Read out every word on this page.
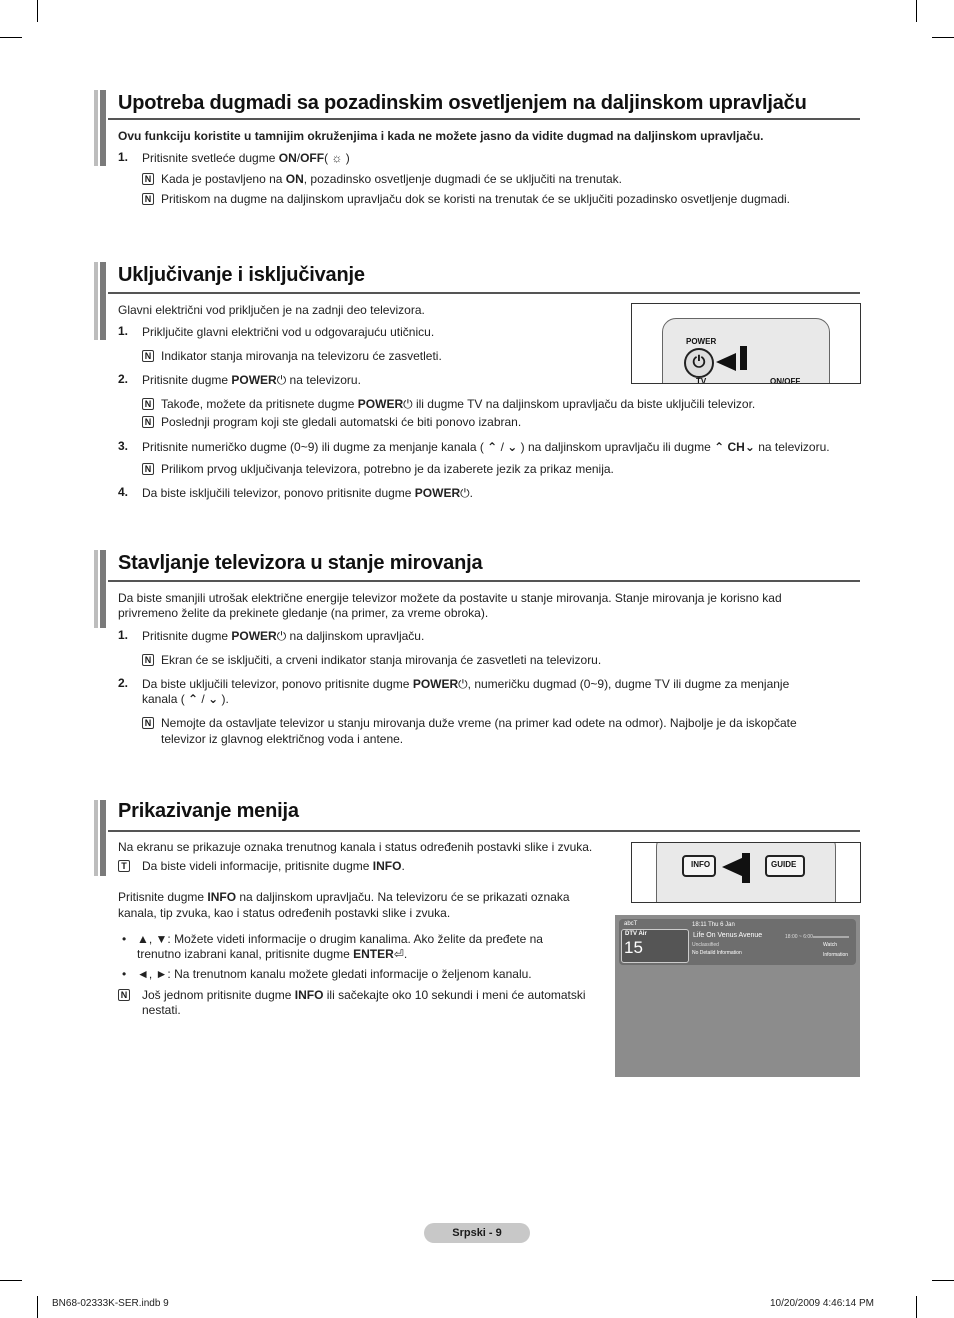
Upotreba dugmadi sa pozadinskim osvetljenjem na daljinskom upravljaču
Ovu funkciju koristite u tamnijim okruženjima i kada ne možete jasno da vidite dugmad na daljinskom upravljaču.
1. Pritisnite svetleće dugme ON/OFF( ☼ )
N Kada je postavljeno na ON, pozadinsko osvetljenje dugmadi će se uključiti na trenutak.
N Pritiskom na dugme na daljinskom upravljaču dok se koristi na trenutak će se uključiti pozadinsko osvetljenje dugmadi.
Uključivanje i isključivanje
Glavni električni vod priključen je na zadnji deo televizora.
1. Priključite glavni električni vod u odgovarajuću utičnicu.
N Indikator stanja mirovanja na televizoru će zasvetleti.
2. Pritisnite dugme POWER⏻ na televizoru.
N Takođe, možete da pritisnete dugme POWER⏻ ili dugme TV na daljinskom upravljaču da biste uključili televizor.
N Poslednji program koji ste gledali automatski će biti ponovo izabran.
3. Pritisnite numeričko dugme (0~9) ili dugme za menjanje kanala ( ⌃ / ⌄ ) na daljinskom upravljaču ili dugme ⌃ CH⌄ na televizoru.
N Prilikom prvog uključivanja televizora, potrebno je da izaberete jezik za prikaz menija.
4. Da biste isključili televizor, ponovo pritisnite dugme POWER⏻.
POWER
⏻
TV	ON/OFF
Stavljanje televizora u stanje mirovanja
Da biste smanjili utrošak električne energije televizor možete da postavite u stanje mirovanja. Stanje mirovanja je korisno kad
privremeno želite da prekinete gledanje (na primer, za vreme obroka).
1. Pritisnite dugme POWER⏻ na daljinskom upravljaču.
N Ekran će se isključiti, a crveni indikator stanja mirovanja će zasvetleti na televizoru.
2. Da biste uključili televizor, ponovo pritisnite dugme POWER⏻, numeričku dugmad (0~9), dugme TV ili dugme za menjanje
kanala ( ⌃ / ⌄ ).
N Nemojte da ostavljate televizor u stanju mirovanja duže vreme (na primer kad odete na odmor). Najbolje je da iskopčate
televizor iz glavnog električnog voda i antene.
Prikazivanje menija
Na ekranu se prikazuje oznaka trenutnog kanala i status određenih postavki slike i zvuka.
T Da biste videli informacije, pritisnite dugme INFO.
Pritisnite dugme INFO na daljinskom upravljaču. Na televizoru će se prikazati oznaka
kanala, tip zvuka, kao i status određenih postavki slike i zvuka.
• ▲, ▼: Možete videti informacije o drugim kanalima. Ako želite da pređete na
trenutno izabrani kanal, pritisnite dugme ENTER⏎.
• ◄, ►: Na trenutnom kanalu možete gledati informacije o željenom kanalu.
N Još jednom pritisnite dugme INFO ili sačekajte oko 10 sekundi i meni će automatski
nestati.
INFO	GUIDE
abcT
DTV Air
15
18:11 Thu 6 Jan
Life On Venus Avenue
Unclassified
No Detaild Information
18:00 ~ 6:00
Watch
Information
Srpski - 9
BN68-02333K-SER.indb 9	10/20/2009 4:46:14 PM
